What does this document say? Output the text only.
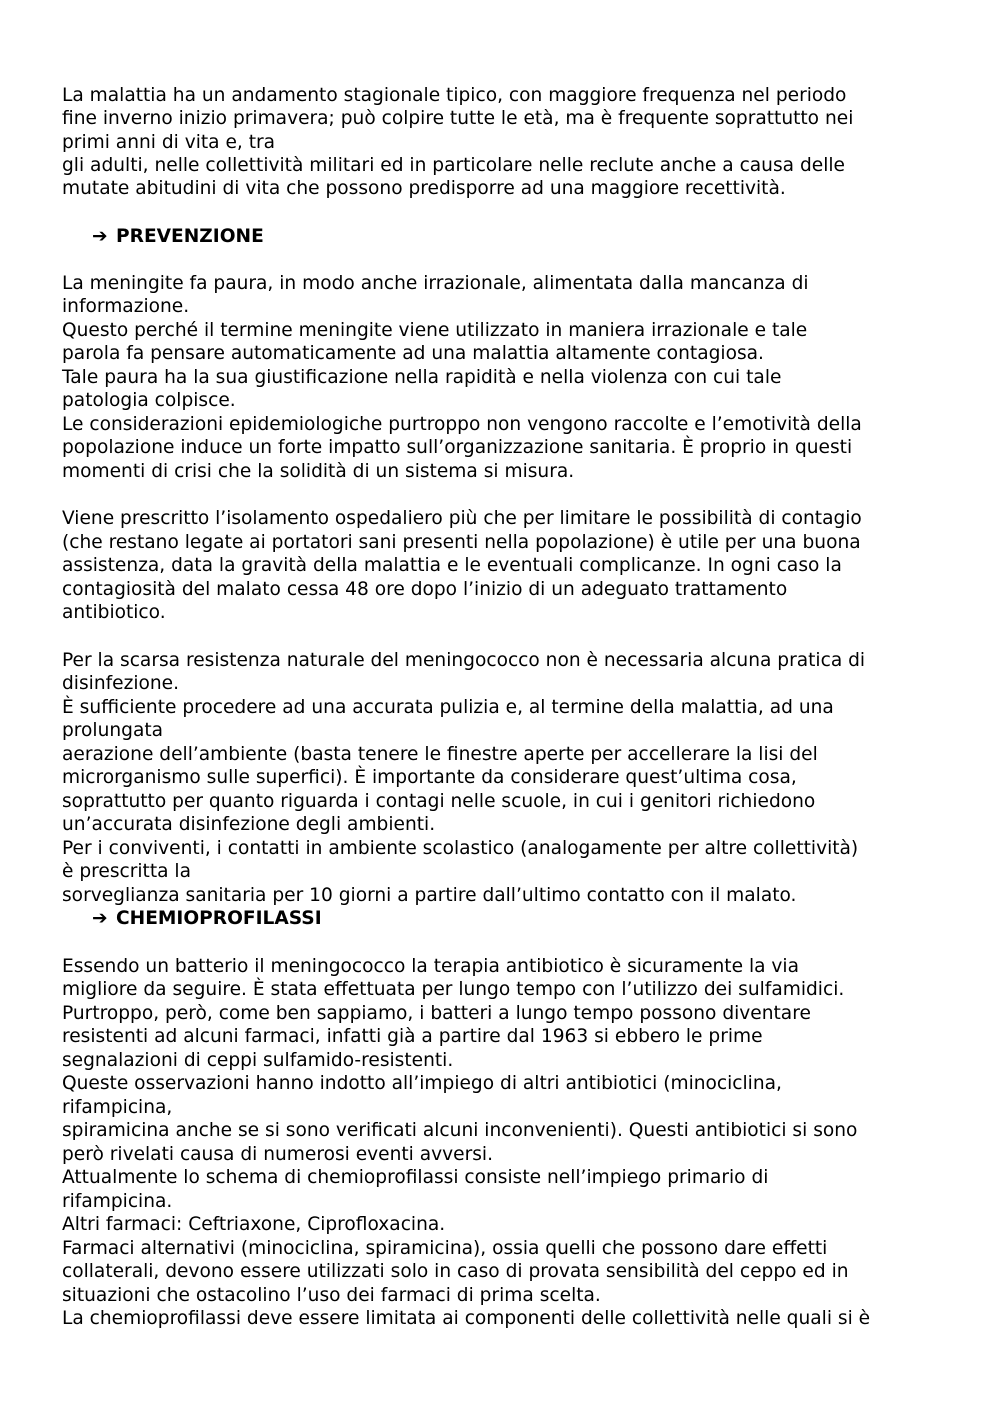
La malattia ha un andamento stagionale tipico, con maggiore frequenza nel periodo
fine inverno inizio primavera; può colpire tutte le età, ma è frequente soprattutto nei
primi anni di vita e, tra
gli adulti, nelle collettività militari ed in particolare nelle reclute anche a causa delle
mutate abitudini di vita che possono predisporre ad una maggiore recettività.
➔ PREVENZIONE
La meningite fa paura, in modo anche irrazionale, alimentata dalla mancanza di
informazione.
Questo perché il termine meningite viene utilizzato in maniera irrazionale e tale
parola fa pensare automaticamente ad una malattia altamente contagiosa.
Tale paura ha la sua giustificazione nella rapidità e nella violenza con cui tale
patologia colpisce.
Le considerazioni epidemiologiche purtroppo non vengono raccolte e l’emotività della
popolazione induce un forte impatto sull’organizzazione sanitaria. È proprio in questi
momenti di crisi che la solidità di un sistema si misura.
Viene prescritto l’isolamento ospedaliero più che per limitare le possibilità di contagio
(che restano legate ai portatori sani presenti nella popolazione) è utile per una buona
assistenza, data la gravità della malattia e le eventuali complicanze. In ogni caso la
contagiosità del malato cessa 48 ore dopo l’inizio di un adeguato trattamento
antibiotico.
Per la scarsa resistenza naturale del meningococco non è necessaria alcuna pratica di
disinfezione.
È sufficiente procedere ad una accurata pulizia e, al termine della malattia, ad una
prolungata
aerazione dell’ambiente (basta tenere le finestre aperte per accellerare la lisi del
microrganismo sulle superfici). È importante da considerare quest’ultima cosa,
soprattutto per quanto riguarda i contagi nelle scuole, in cui i genitori richiedono
un’accurata disinfezione degli ambienti.
Per i conviventi, i contatti in ambiente scolastico (analogamente per altre collettività)
è prescritta la
sorveglianza sanitaria per 10 giorni a partire dall’ultimo contatto con il malato.
➔ CHEMIOPROFILASSI
Essendo un batterio il meningococco la terapia antibiotico è sicuramente la via
migliore da seguire. È stata effettuata per lungo tempo con l’utilizzo dei sulfamidici.
Purtroppo, però, come ben sappiamo, i batteri a lungo tempo possono diventare
resistenti ad alcuni farmaci, infatti già a partire dal 1963 si ebbero le prime
segnalazioni di ceppi sulfamido-resistenti.
Queste osservazioni hanno indotto all’impiego di altri antibiotici (minociclina,
rifampicina,
spiramicina anche se si sono verificati alcuni inconvenienti). Questi antibiotici si sono
però rivelati causa di numerosi eventi avversi.
Attualmente lo schema di chemioprofilassi consiste nell’impiego primario di
rifampicina.
Altri farmaci: Ceftriaxone, Ciprofloxacina.
Farmaci alternativi (minociclina, spiramicina), ossia quelli che possono dare effetti
collaterali, devono essere utilizzati solo in caso di provata sensibilità del ceppo ed in
situazioni che ostacolino l’uso dei farmaci di prima scelta.
La chemioprofilassi deve essere limitata ai componenti delle collettività nelle quali si è
